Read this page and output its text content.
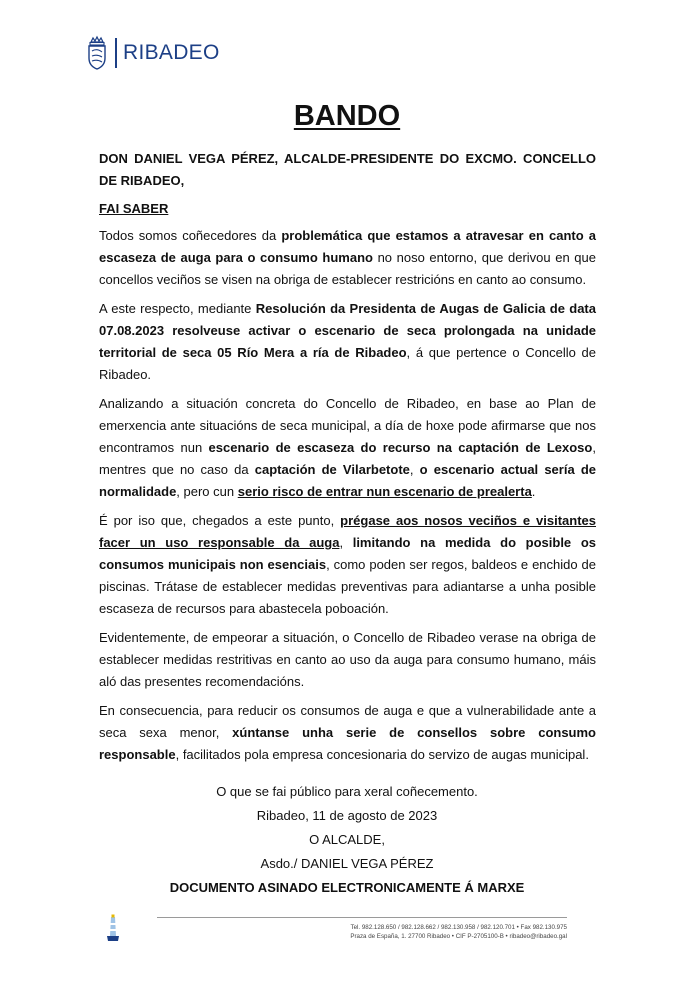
RIBADEO
BANDO

DON DANIEL VEGA PÉREZ, ALCALDE-PRESIDENTE DO EXCMO. CONCELLO DE RIBADEO,

FAI SABER

Todos somos coñecedores da problemática que estamos a atravesar en canto a escaseza de auga para o consumo humano no noso entorno, que derivou en que concellos veciños se visen na obriga de establecer restricións en canto ao consumo.

A este respecto, mediante Resolución da Presidenta de Augas de Galicia de data 07.08.2023 resolveuse activar o escenario de seca prolongada na unidade territorial de seca 05 Río Mera a ría de Ribadeo, á que pertence o Concello de Ribadeo.

Analizando a situación concreta do Concello de Ribadeo, en base ao Plan de emerxencia ante situacións de seca municipal, a día de hoxe pode afirmarse que nos encontramos nun escenario de escaseza do recurso na captación de Lexoso, mentres que no caso da captación de Vilarbetote, o escenario actual sería de normalidade, pero cun serio risco de entrar nun escenario de prealerta.

É por iso que, chegados a este punto, prégase aos nosos veciños e visitantes facer un uso responsable da auga, limitando na medida do posible os consumos municipais non esenciais, como poden ser regos, baldeos e enchido de piscinas. Trátase de establecer medidas preventivas para adiantarse a unha posible escaseza de recursos para abastecela poboación.

Evidentemente, de empeorar a situación, o Concello de Ribadeo verase na obriga de establecer medidas restritivas en canto ao uso da auga para consumo humano, máis aló das presentes recomendacións.

En consecuencia, para reducir os consumos de auga e que a vulnerabilidade ante a seca sexa menor, xúntanse unha serie de consellos sobre consumo responsable, facilitados pola empresa concesionaria do servizo de augas municipal.

O que se fai público para xeral coñecemento.
Ribadeo, 11 de agosto de 2023
O ALCALDE,
Asdo./ DANIEL VEGA PÉREZ
DOCUMENTO ASINADO ELECTRONICAMENTE Á MARXE
Tel. 982.128.650 / 982.128.662 / 982.130.958 / 982.120.701 • Fax 982.130.975
Praza de España, 1. 27700 Ribadeo • CIF P-2705100-B • ribadeo@ribadeo.gal
